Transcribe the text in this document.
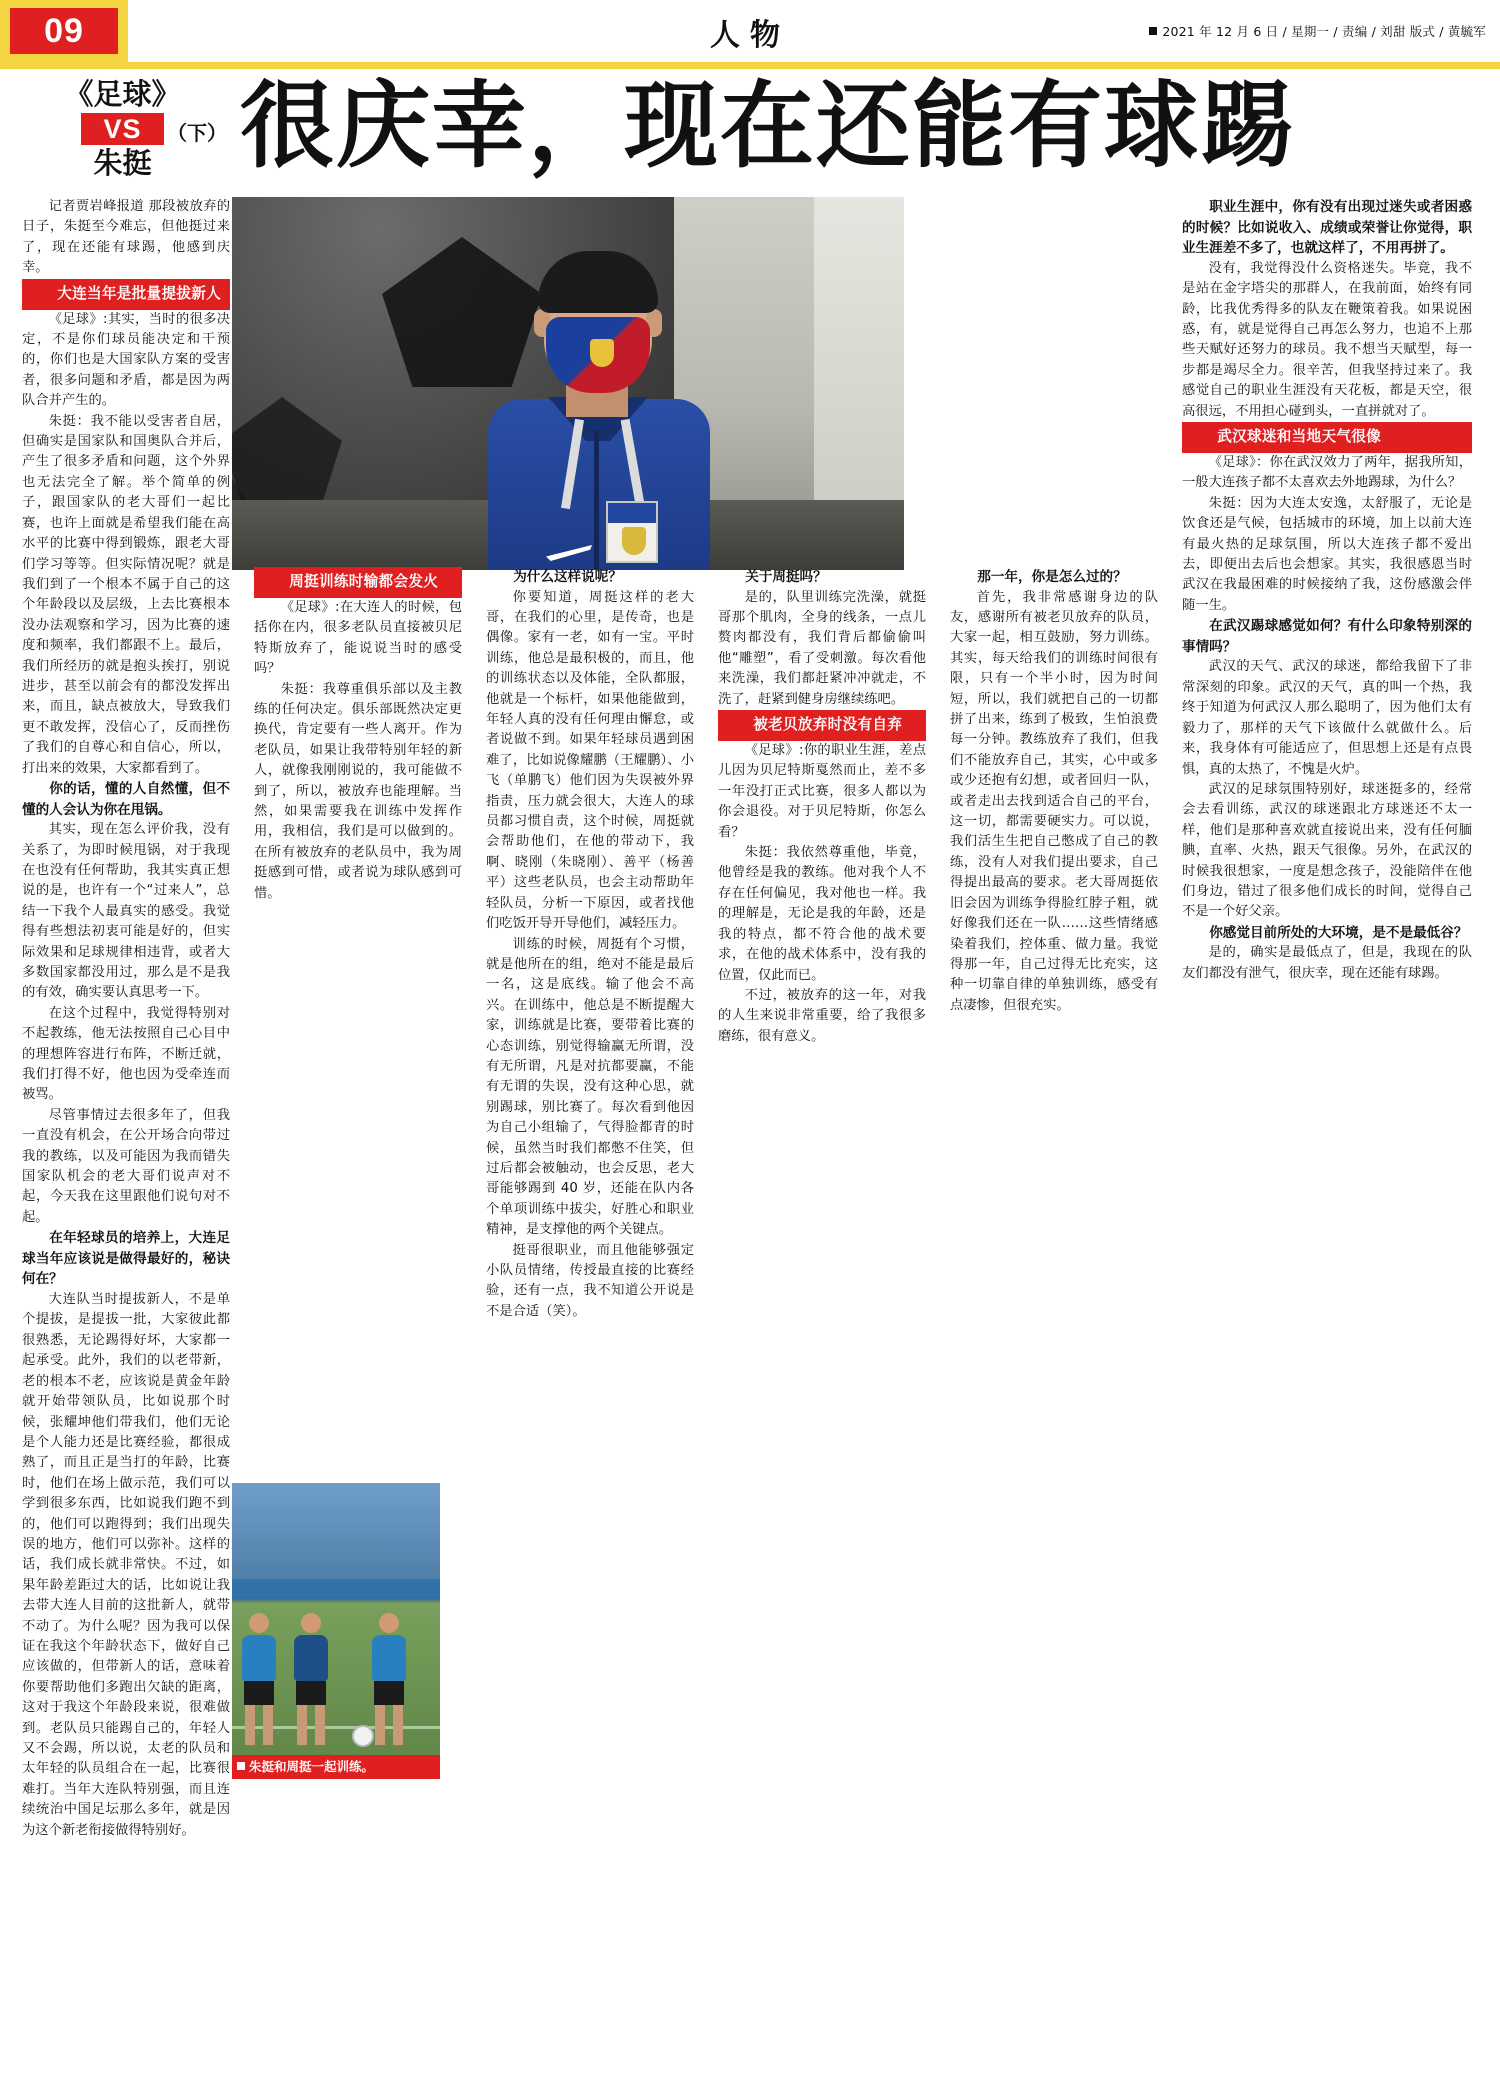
09	人物	2021 年 12 月 6 日 / 星期一 / 责编 / 刘甜 版式 / 黄毓军
《足球》
VS
朱挺
（下） 很庆幸，现在还能有球踢
朱挺和周挺一起训练。

记者贾岩峰报道 那段被放弃的日子，朱挺至今难忘，但他挺过来了，现在还能有球踢，他感到庆幸。

大连当年是批量提拔新人

《足球》:其实，当时的很多决定，不是你们球员能决定和干预的，你们也是大国家队方案的受害者，很多问题和矛盾，都是因为两队合并产生的。

朱挺：我不能以受害者自居，但确实是国家队和国奥队合并后，产生了很多矛盾和问题，这个外界也无法完全了解。举个简单的例子，跟国家队的老大哥们一起比赛，也许上面就是希望我们能在高水平的比赛中得到锻炼，跟老大哥们学习等等。但实际情况呢？就是我们到了一个根本不属于自己的这个年龄段以及层级，上去比赛根本没办法观察和学习，因为比赛的速度和频率，我们都跟不上。最后，我们所经历的就是抱头挨打，别说进步，甚至以前会有的都没发挥出来，而且，缺点被放大，导致我们更不敢发挥，没信心了，反而挫伤了我们的自尊心和自信心，所以，打出来的效果，大家都看到了。

你的话，懂的人自然懂，但不懂的人会认为你在甩锅。

其实，现在怎么评价我，没有关系了，为即时候甩锅，对于我现在也没有任何帮助，我其实真正想说的是，也许有一个“过来人”，总结一下我个人最真实的感受。我觉得有些想法初衷可能是好的，但实际效果和足球规律相违背，或者大多数国家都没用过，那么是不是我的有效，确实要认真思考一下。

在这个过程中，我觉得特别对不起教练，他无法按照自己心目中的理想阵容进行布阵，不断迁就，我们打得不好，他也因为受牵连而被骂。

尽管事情过去很多年了，但我一直没有机会，在公开场合向带过我的教练，以及可能因为我而错失国家队机会的老大哥们说声对不起，今天我在这里跟他们说句对不起。

在年轻球员的培养上，大连足球当年应该说是做得最好的，秘诀何在？

大连队当时提拔新人，不是单个提拔，是提拔一批，大家彼此都很熟悉，无论踢得好坏，大家都一起承受。此外，我们的以老带新，老的根本不老，应该说是黄金年龄就开始带领队员，比如说那个时候，张耀坤他们带我们，他们无论是个人能力还是比赛经验，都很成熟了，而且正是当打的年龄，比赛时，他们在场上做示范，我们可以学到很多东西，比如说我们跑不到的，他们可以跑得到；我们出现失误的地方，他们可以弥补。这样的话，我们成长就非常快。不过，如果年龄差距过大的话，比如说让我去带大连人目前的这批新人，就带不动了。为什么呢？因为我可以保证在我这个年龄状态下，做好自己应该做的，但带新人的话，意味着你要帮助他们多跑出欠缺的距离，这对于我这个年龄段来说，很难做到。老队员只能踢自己的，年轻人又不会踢，所以说，太老的队员和太年轻的队员组合在一起，比赛很难打。当年大连队特别强，而且连续统治中国足坛那么多年，就是因为这个新老衔接做得特别好。

周挺训练时输都会发火

《足球》:在大连人的时候，包括你在内，很多老队员直接被贝尼特斯放弃了，能说说当时的感受吗？

朱挺：我尊重俱乐部以及主教练的任何决定。俱乐部既然决定更换代，肯定要有一些人离开。作为老队员，如果让我带特别年轻的新人，就像我刚刚说的，我可能做不到了，所以，被放弃也能理解。当然，如果需要我在训练中发挥作用，我相信，我们是可以做到的。在所有被放弃的老队员中，我为周挺感到可惜，或者说为球队感到可惜。

为什么这样说呢？

你要知道，周挺这样的老大哥，在我们的心里，是传奇，也是偶像。家有一老，如有一宝。平时训练，他总是最积极的，而且，他的训练状态以及体能，全队都服，他就是一个标杆，如果他能做到，年轻人真的没有任何理由懈怠，或者说做不到。如果年轻球员遇到困难了，比如说像耀鹏（王耀鹏）、小飞（单鹏飞）他们因为失误被外界指责，压力就会很大，大连人的球员都习惯自责，这个时候，周挺就会帮助他们，在他的带动下，我啊、晓刚（朱晓刚）、善平（杨善平）这些老队员，也会主动帮助年轻队员，分析一下原因，或者找他们吃饭开导开导他们，减轻压力。

训练的时候，周挺有个习惯，就是他所在的组，绝对不能是最后一名，这是底线。输了他会不高兴。在训练中，他总是不断提醒大家，训练就是比赛，要带着比赛的心态训练，别觉得输赢无所谓，没有无所谓，凡是对抗都要赢，不能有无谓的失误，没有这种心思，就别踢球，别比赛了。每次看到他因为自己小组输了，气得脸都青的时候，虽然当时我们都憋不住笑，但过后都会被触动，也会反思，老大哥能够踢到 40 岁，还能在队内各个单项训练中拔尖，好胜心和职业精神，是支撑他的两个关键点。

挺哥很职业，而且他能够强定小队员情绪，传授最直接的比赛经验，还有一点，我不知道公开说是不是合适（笑）。

关于周挺吗？

是的，队里训练完洗澡，就挺哥那个肌肉，全身的线条，一点儿赘肉都没有，我们背后都偷偷叫他“雕塑”，看了受刺激。每次看他来洗澡，我们都赶紧冲冲就走，不洗了，赶紧到健身房继续练吧。

被老贝放弃时没有自弃

《足球》:你的职业生涯，差点儿因为贝尼特斯戛然而止，差不多一年没打正式比赛，很多人都以为你会退役。对于贝尼特斯，你怎么看？

朱挺：我依然尊重他，毕竟，他曾经是我的教练。他对我个人不存在任何偏见，我对他也一样。我的理解是，无论是我的年龄，还是我的特点，都不符合他的战术要求，在他的战术体系中，没有我的位置，仅此而已。

不过，被放弃的这一年，对我的人生来说非常重要，给了我很多磨练，很有意义。

那一年，你是怎么过的？

首先，我非常感谢身边的队友，感谢所有被老贝放弃的队员，大家一起，相互鼓励，努力训练。其实，每天给我们的训练时间很有限，只有一个半小时，因为时间短，所以，我们就把自己的一切都拼了出来，练到了极致，生怕浪费每一分钟。教练放弃了我们，但我们不能放弃自己，其实，心中或多或少还抱有幻想，或者回归一队，或者走出去找到适合自己的平台，这一切，都需要硬实力。可以说，我们活生生把自己憋成了自己的教练，没有人对我们提出要求，自己得提出最高的要求。老大哥周挺依旧会因为训练争得脸红脖子粗，就好像我们还在一队……这些情绪感染着我们，控体重、做力量。我觉得那一年，自己过得无比充实，这种一切靠自律的单独训练，感受有点凄惨，但很充实。

职业生涯中，你有没有出现过迷失或者困惑的时候？比如说收入、成绩或荣誉让你觉得，职业生涯差不多了，也就这样了，不用再拼了。

没有，我觉得没什么资格迷失。毕竟，我不是站在金字塔尖的那群人，在我前面，始终有同龄，比我优秀得多的队友在鞭策着我。如果说困惑，有，就是觉得自己再怎么努力，也追不上那些天赋好还努力的球员。我不想当天赋型，每一步都是竭尽全力。很辛苦，但我坚持过来了。我感觉自己的职业生涯没有天花板，都是天空，很高很远，不用担心碰到头，一直拼就对了。

武汉球迷和当地天气很像

《足球》：你在武汉效力了两年，据我所知，一般大连孩子都不太喜欢去外地踢球，为什么？

朱挺：因为大连太安逸，太舒服了，无论是饮食还是气候，包括城市的环境，加上以前大连有最火热的足球氛围，所以大连孩子都不爱出去，即便出去后也会想家。其实，我很感恩当时武汉在我最困难的时候接纳了我，这份感激会伴随一生。

在武汉踢球感觉如何？有什么印象特别深的事情吗？

武汉的天气、武汉的球迷，都给我留下了非常深刻的印象。武汉的天气，真的叫一个热，我终于知道为何武汉人那么聪明了，因为他们太有毅力了，那样的天气下该做什么就做什么。后来，我身体有可能适应了，但思想上还是有点畏惧，真的太热了，不愧是火炉。

武汉的足球氛围特别好，球迷挺多的，经常会去看训练，武汉的球迷跟北方球迷还不太一样，他们是那种喜欢就直接说出来，没有任何腼腆，直率、火热，跟天气很像。另外，在武汉的时候我很想家，一度是想念孩子，没能陪伴在他们身边，错过了很多他们成长的时间，觉得自己不是一个好父亲。

你感觉目前所处的大环境，是不是最低谷？

是的，确实是最低点了，但是，我现在的队友们都没有泄气，很庆幸，现在还能有球踢。
